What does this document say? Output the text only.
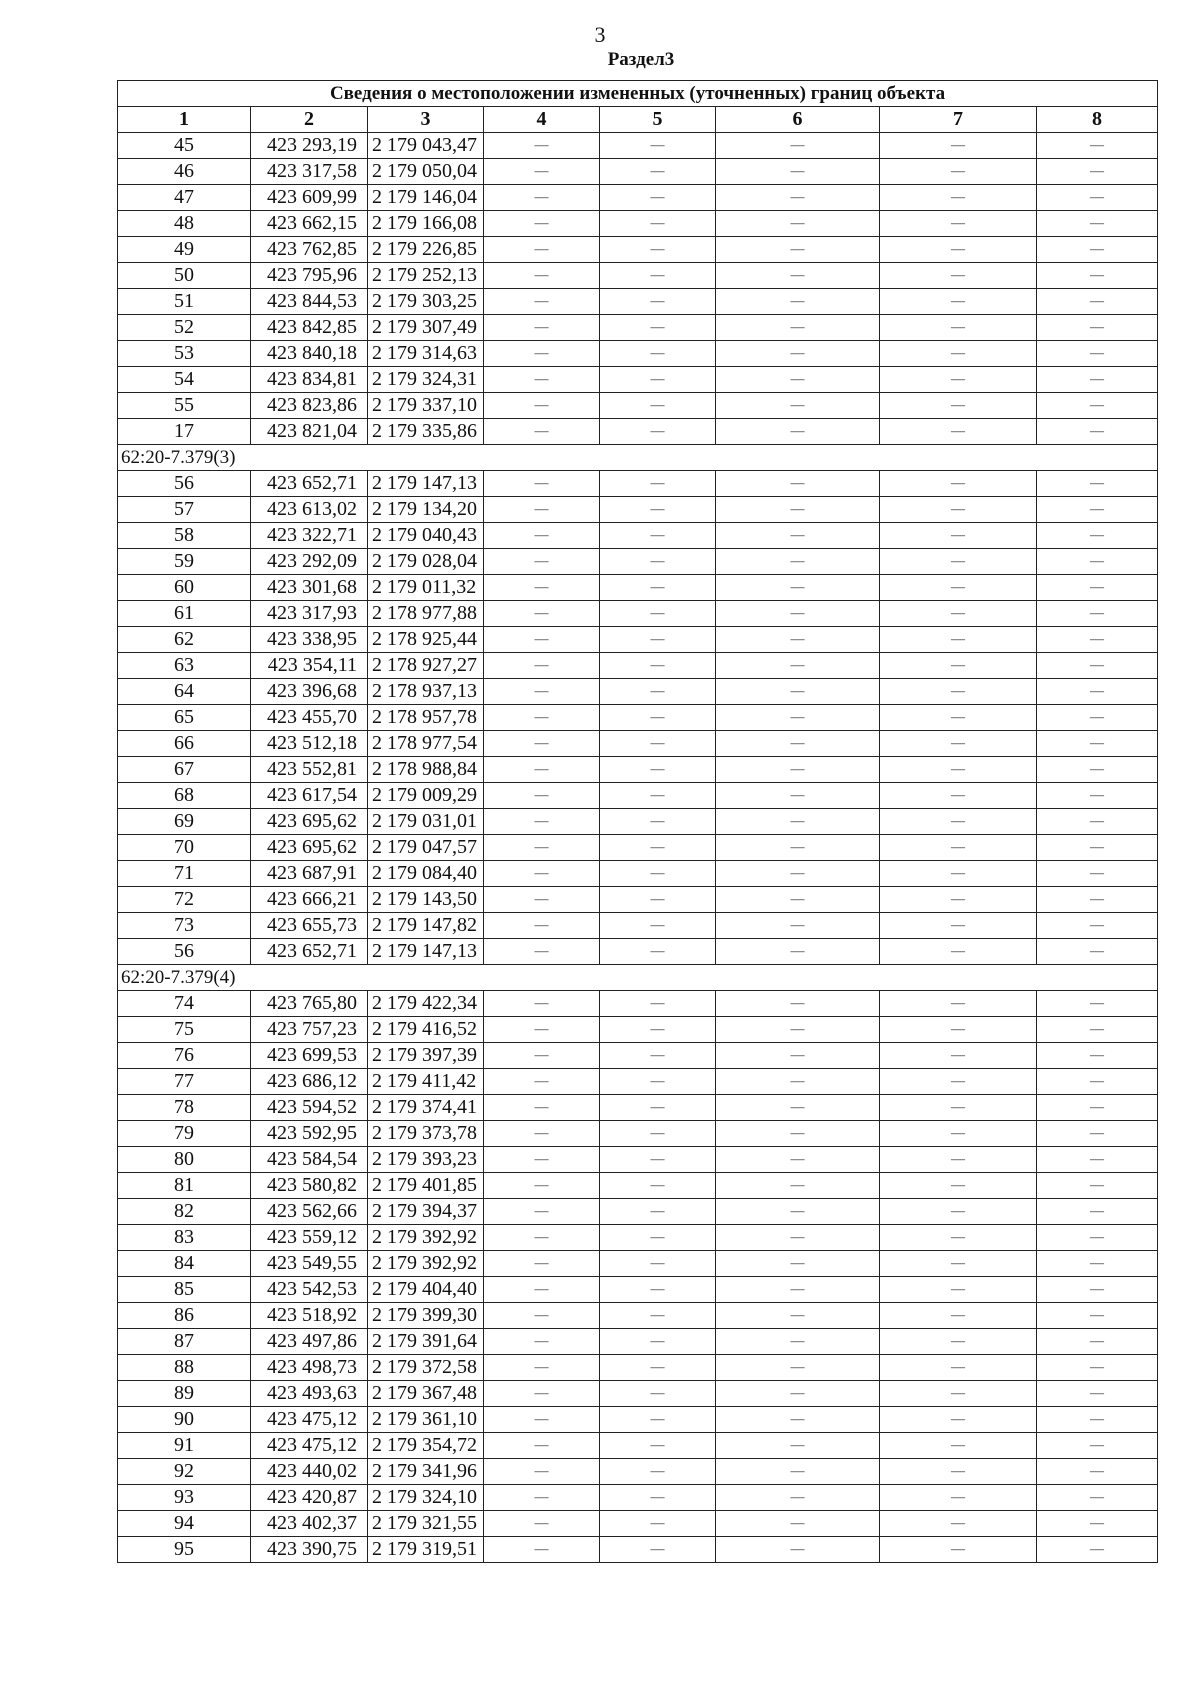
3
Раздел3
Сведения о местоположении измененных (уточненных) границ объекта							
1	2	3	4	5	6	7	8
45	423 293,19	2 179 043,47	—	—	—	—	—
46	423 317,58	2 179 050,04	—	—	—	—	—
47	423 609,99	2 179 146,04	—	—	—	—	—
48	423 662,15	2 179 166,08	—	—	—	—	—
49	423 762,85	2 179 226,85	—	—	—	—	—
50	423 795,96	2 179 252,13	—	—	—	—	—
51	423 844,53	2 179 303,25	—	—	—	—	—
52	423 842,85	2 179 307,49	—	—	—	—	—
53	423 840,18	2 179 314,63	—	—	—	—	—
54	423 834,81	2 179 324,31	—	—	—	—	—
55	423 823,86	2 179 337,10	—	—	—	—	—
17	423 821,04	2 179 335,86	—	—	—	—	—
62:20-7.379(3)							
56	423 652,71	2 179 147,13	—	—	—	—	—
57	423 613,02	2 179 134,20	—	—	—	—	—
58	423 322,71	2 179 040,43	—	—	—	—	—
59	423 292,09	2 179 028,04	—	—	—	—	—
60	423 301,68	2 179 011,32	—	—	—	—	—
61	423 317,93	2 178 977,88	—	—	—	—	—
62	423 338,95	2 178 925,44	—	—	—	—	—
63	423 354,11	2 178 927,27	—	—	—	—	—
64	423 396,68	2 178 937,13	—	—	—	—	—
65	423 455,70	2 178 957,78	—	—	—	—	—
66	423 512,18	2 178 977,54	—	—	—	—	—
67	423 552,81	2 178 988,84	—	—	—	—	—
68	423 617,54	2 179 009,29	—	—	—	—	—
69	423 695,62	2 179 031,01	—	—	—	—	—
70	423 695,62	2 179 047,57	—	—	—	—	—
71	423 687,91	2 179 084,40	—	—	—	—	—
72	423 666,21	2 179 143,50	—	—	—	—	—
73	423 655,73	2 179 147,82	—	—	—	—	—
56	423 652,71	2 179 147,13	—	—	—	—	—
62:20-7.379(4)							
74	423 765,80	2 179 422,34	—	—	—	—	—
75	423 757,23	2 179 416,52	—	—	—	—	—
76	423 699,53	2 179 397,39	—	—	—	—	—
77	423 686,12	2 179 411,42	—	—	—	—	—
78	423 594,52	2 179 374,41	—	—	—	—	—
79	423 592,95	2 179 373,78	—	—	—	—	—
80	423 584,54	2 179 393,23	—	—	—	—	—
81	423 580,82	2 179 401,85	—	—	—	—	—
82	423 562,66	2 179 394,37	—	—	—	—	—
83	423 559,12	2 179 392,92	—	—	—	—	—
84	423 549,55	2 179 392,92	—	—	—	—	—
85	423 542,53	2 179 404,40	—	—	—	—	—
86	423 518,92	2 179 399,30	—	—	—	—	—
87	423 497,86	2 179 391,64	—	—	—	—	—
88	423 498,73	2 179 372,58	—	—	—	—	—
89	423 493,63	2 179 367,48	—	—	—	—	—
90	423 475,12	2 179 361,10	—	—	—	—	—
91	423 475,12	2 179 354,72	—	—	—	—	—
92	423 440,02	2 179 341,96	—	—	—	—	—
93	423 420,87	2 179 324,10	—	—	—	—	—
94	423 402,37	2 179 321,55	—	—	—	—	—
95	423 390,75	2 179 319,51	—	—	—	—	—
